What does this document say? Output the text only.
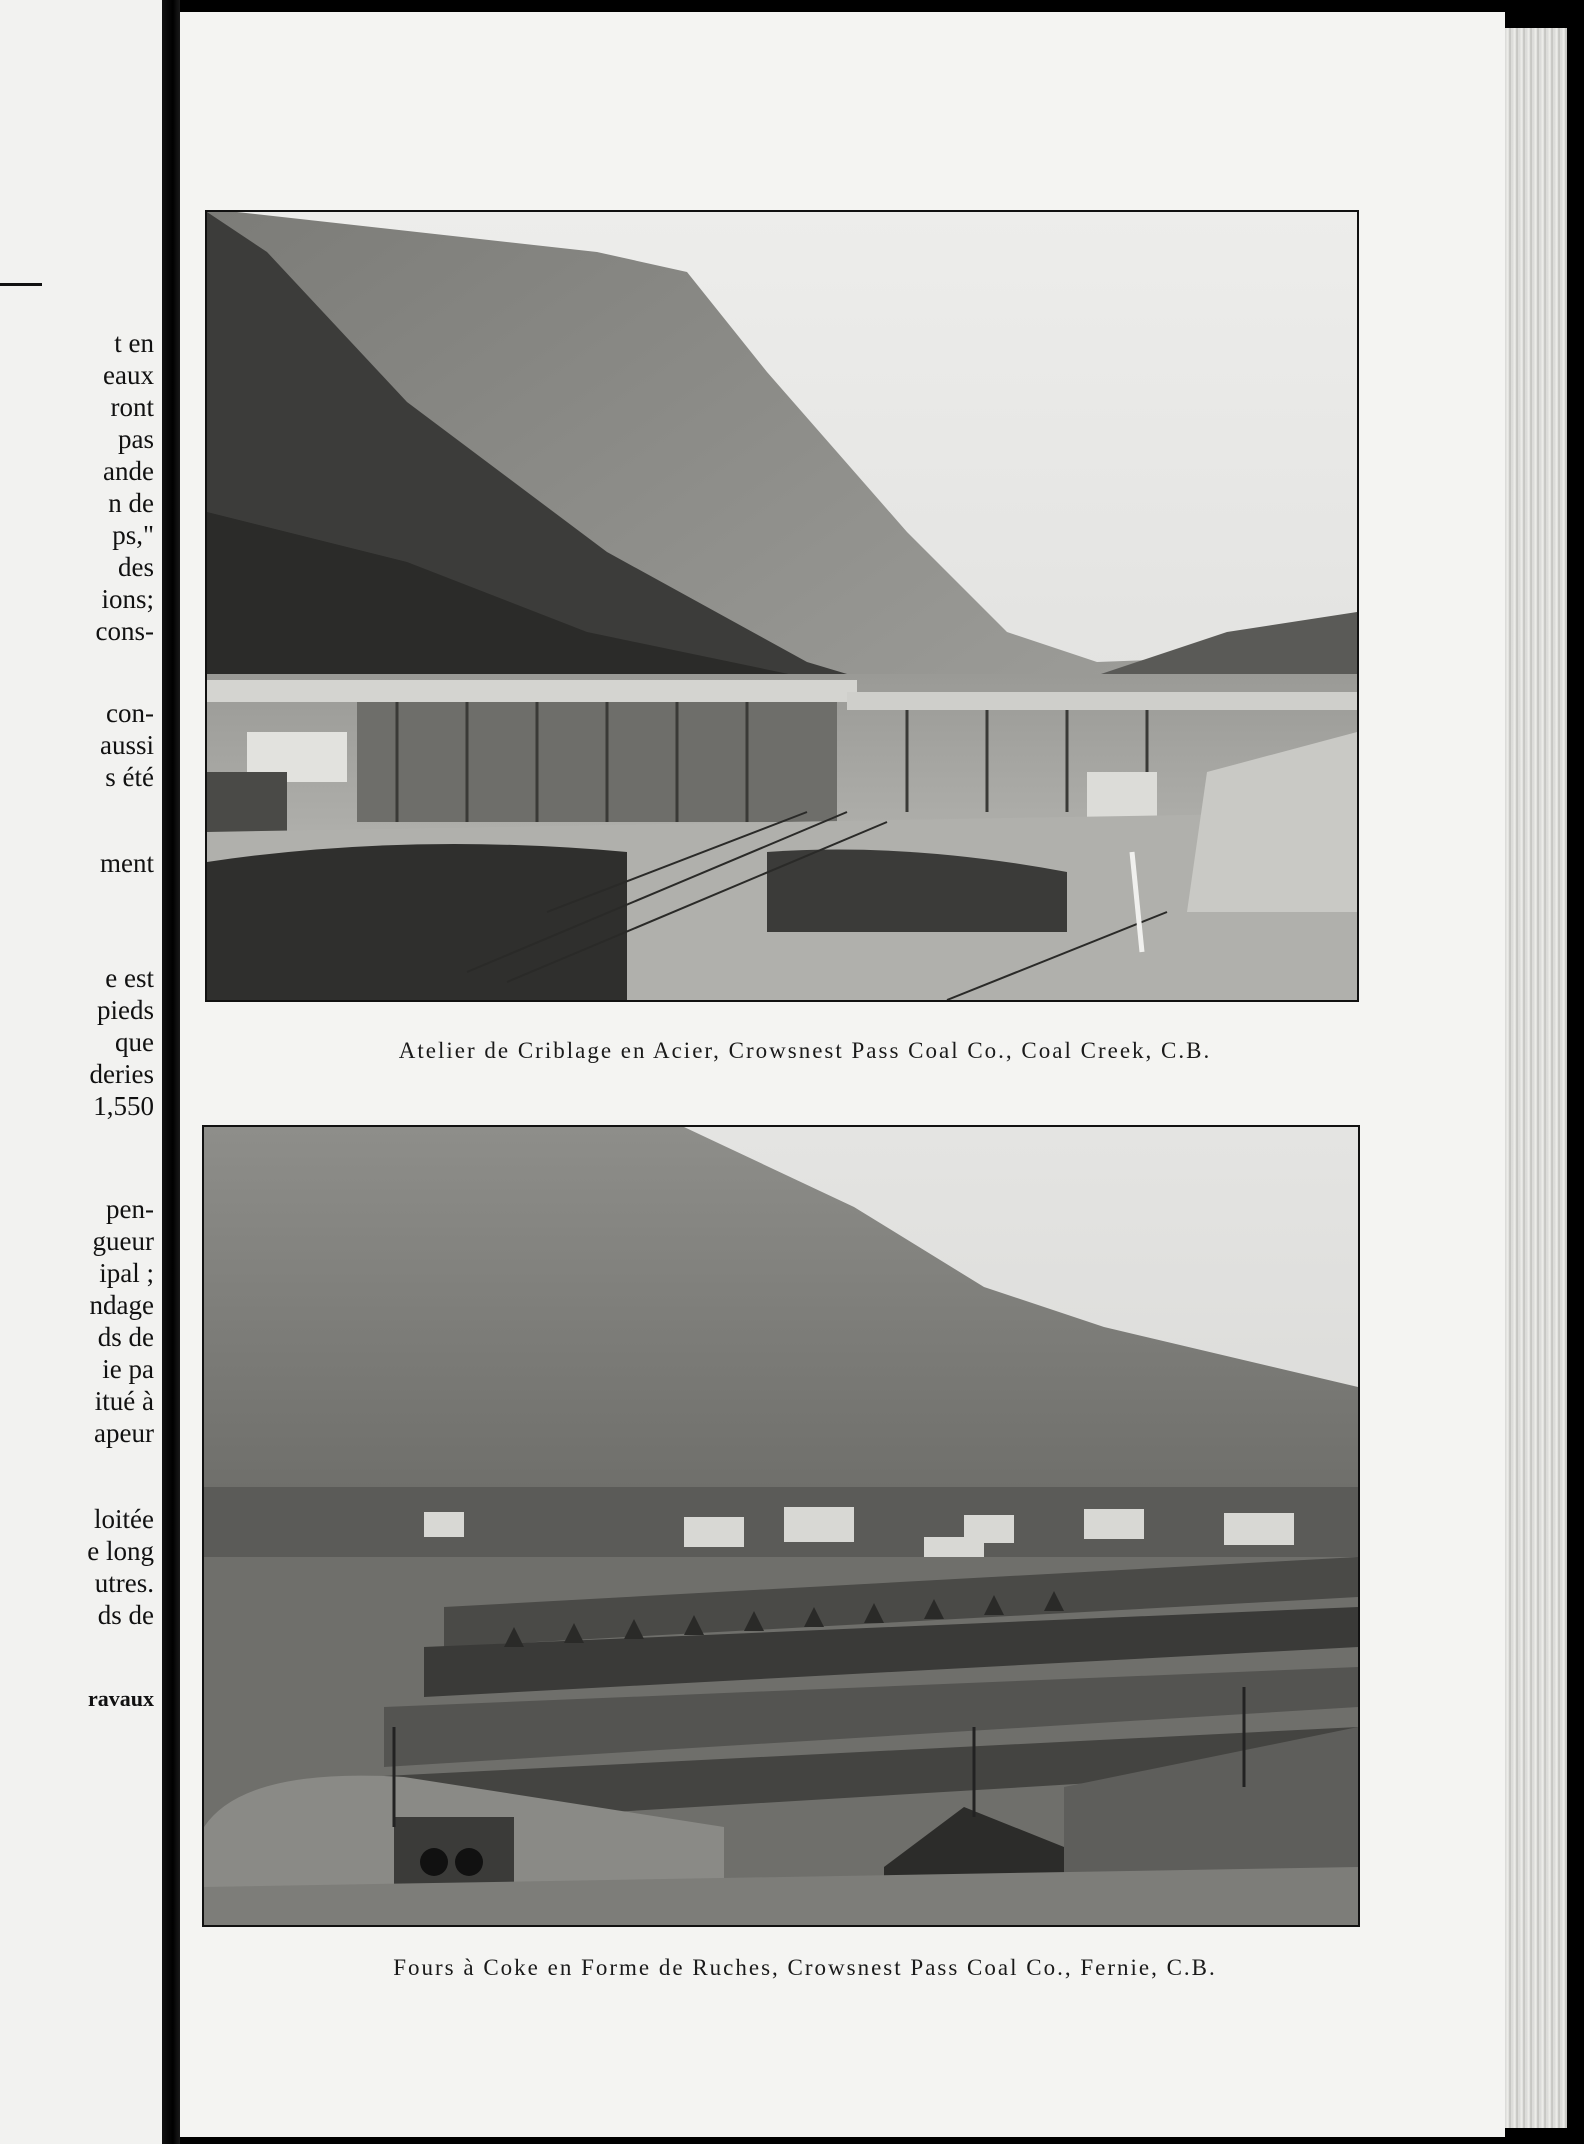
t en
eaux
ront
pas
ande
n de
ps,"
des
ions;
cons-
con-
aussi
s été
ment
e est
pieds
que
deries
1,550
pen-
gueur
ipal ;
ndage
ds de
ie pa
itué à
apeur
loitée
e long
utres.
ds de
ravaux
Atelier de Criblage en Acier, Crowsnest Pass Coal Co., Coal Creek, C.B.
Fours à Coke en Forme de Ruches, Crowsnest Pass Coal Co., Fernie, C.B.
